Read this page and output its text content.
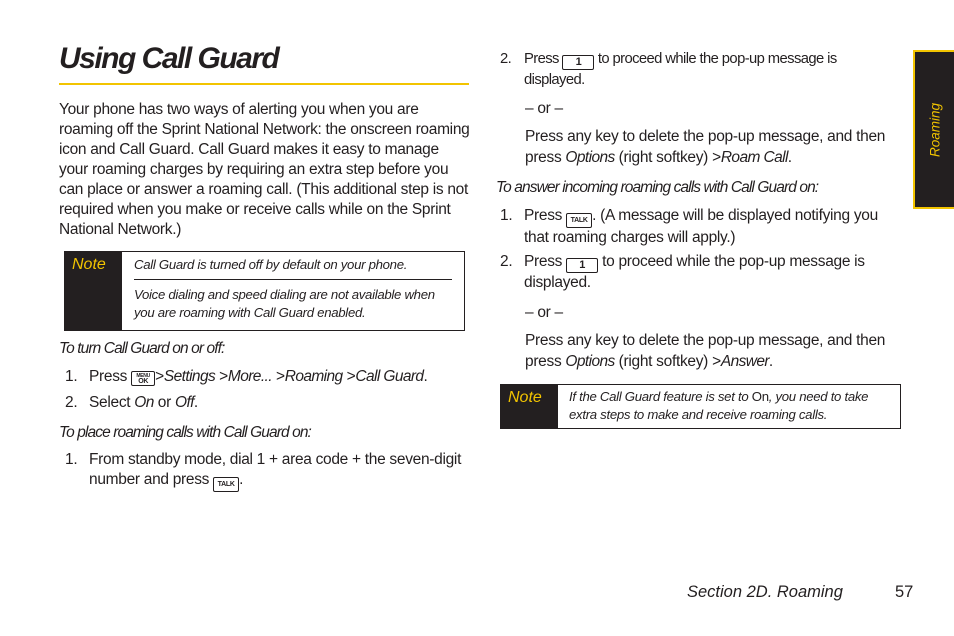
Using Call Guard

Your phone has two ways of alerting you when you are roaming off the Sprint National Network: the onscreen roaming icon and Call Guard. Call Guard makes it easy to manage your roaming charges by requiring an extra step before you can place or answer a roaming call. (This additional step is not required when you make or receive calls while on the Sprint National Network.)

Note	Call Guard is turned off by default on your phone.
Voice dialing and speed dialing are not available when you are roaming with Call Guard enabled.
To turn Call Guard on or off:
1. Press	MENU
OK >Settings >More... >Roaming >Call Guard.
2. Select On or Off.
To place roaming calls with Call Guard on:
1. From standby mode, dial 1 + area code + the seven-digit number and press TALK .
2. Press 1 to proceed while the pop-up message is displayed.
– or –
Press any key to delete the pop-up message, and then press Options (right softkey) >Roam Call.
To answer incoming roaming calls with Call Guard on:
1. Press TALK . (A message will be displayed notifying you that roaming charges will apply.)
2. Press 1 to proceed while the pop-up message is displayed.
– or –
Press any key to delete the pop-up message, and then press Options (right softkey) >Answer.
Note	If the Call Guard feature is set to On, you need to take extra steps to make and receive roaming calls.
Roaming
Section 2D. Roaming	57
